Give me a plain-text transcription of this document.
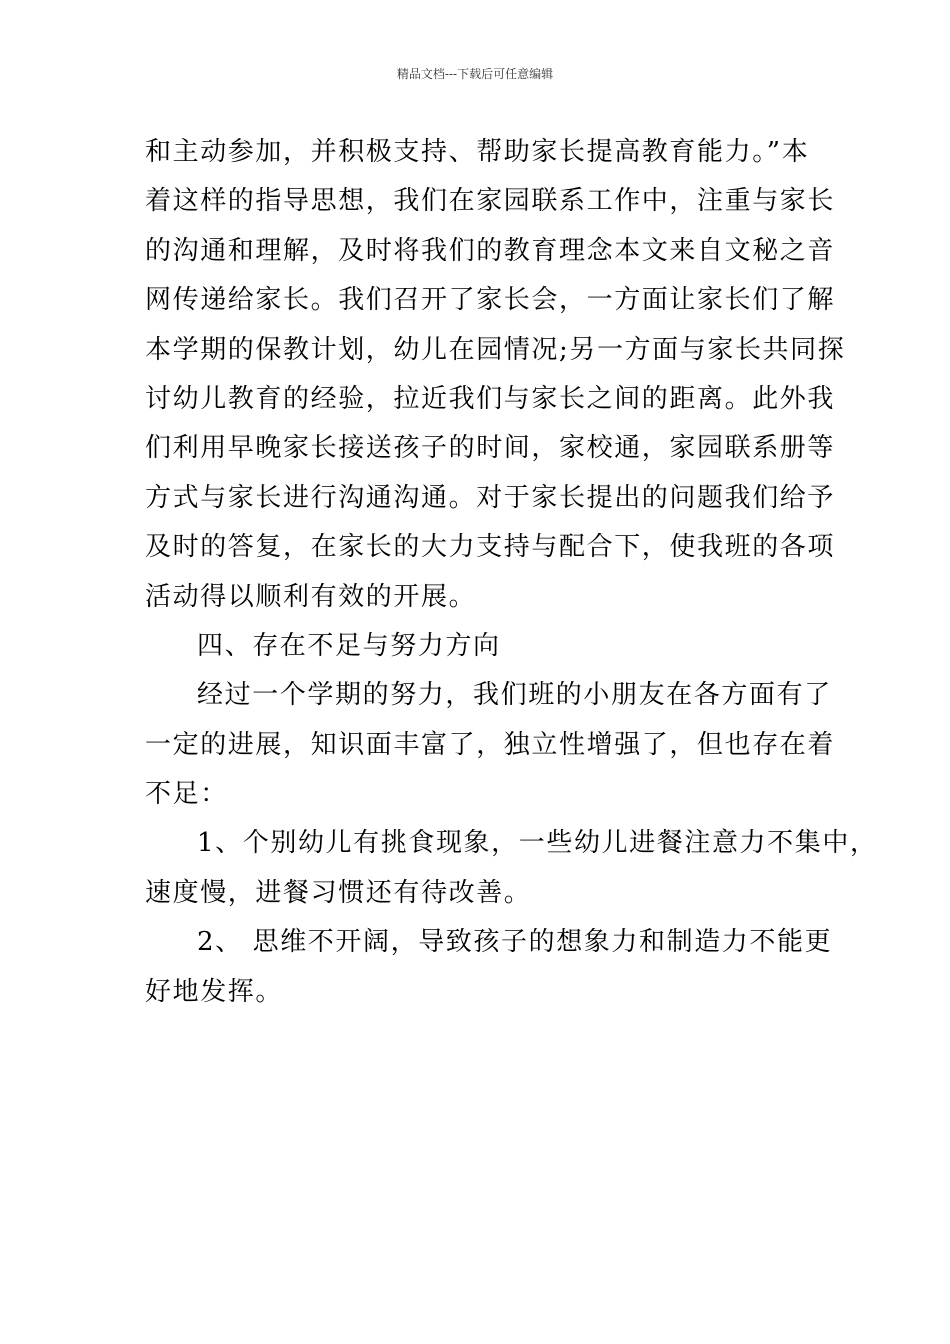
精品文档---下载后可任意编辑
和主动参加，并积极支持、帮助家长提高教育能力。”本
着这样的指导思想，我们在家园联系工作中，注重与家长
的沟通和理解，及时将我们的教育理念本文来自文秘之音
网传递给家长。我们召开了家长会，一方面让家长们了解
本学期的保教计划，幼儿在园情况;另一方面与家长共同探
讨幼儿教育的经验，拉近我们与家长之间的距离。此外我
们利用早晚家长接送孩子的时间，家校通，家园联系册等
方式与家长进行沟通沟通。对于家长提出的问题我们给予
及时的答复，在家长的大力支持与配合下，使我班的各项
活动得以顺利有效的开展。
四、存在不足与努力方向
经过一个学期的努力，我们班的小朋友在各方面有了
一定的进展，知识面丰富了，独立性增强了，但也存在着
不足：
1、个别幼儿有挑食现象，一些幼儿进餐注意力不集中，
速度慢，进餐习惯还有待改善。
2、 思维不开阔，导致孩子的想象力和制造力不能更
好地发挥。
